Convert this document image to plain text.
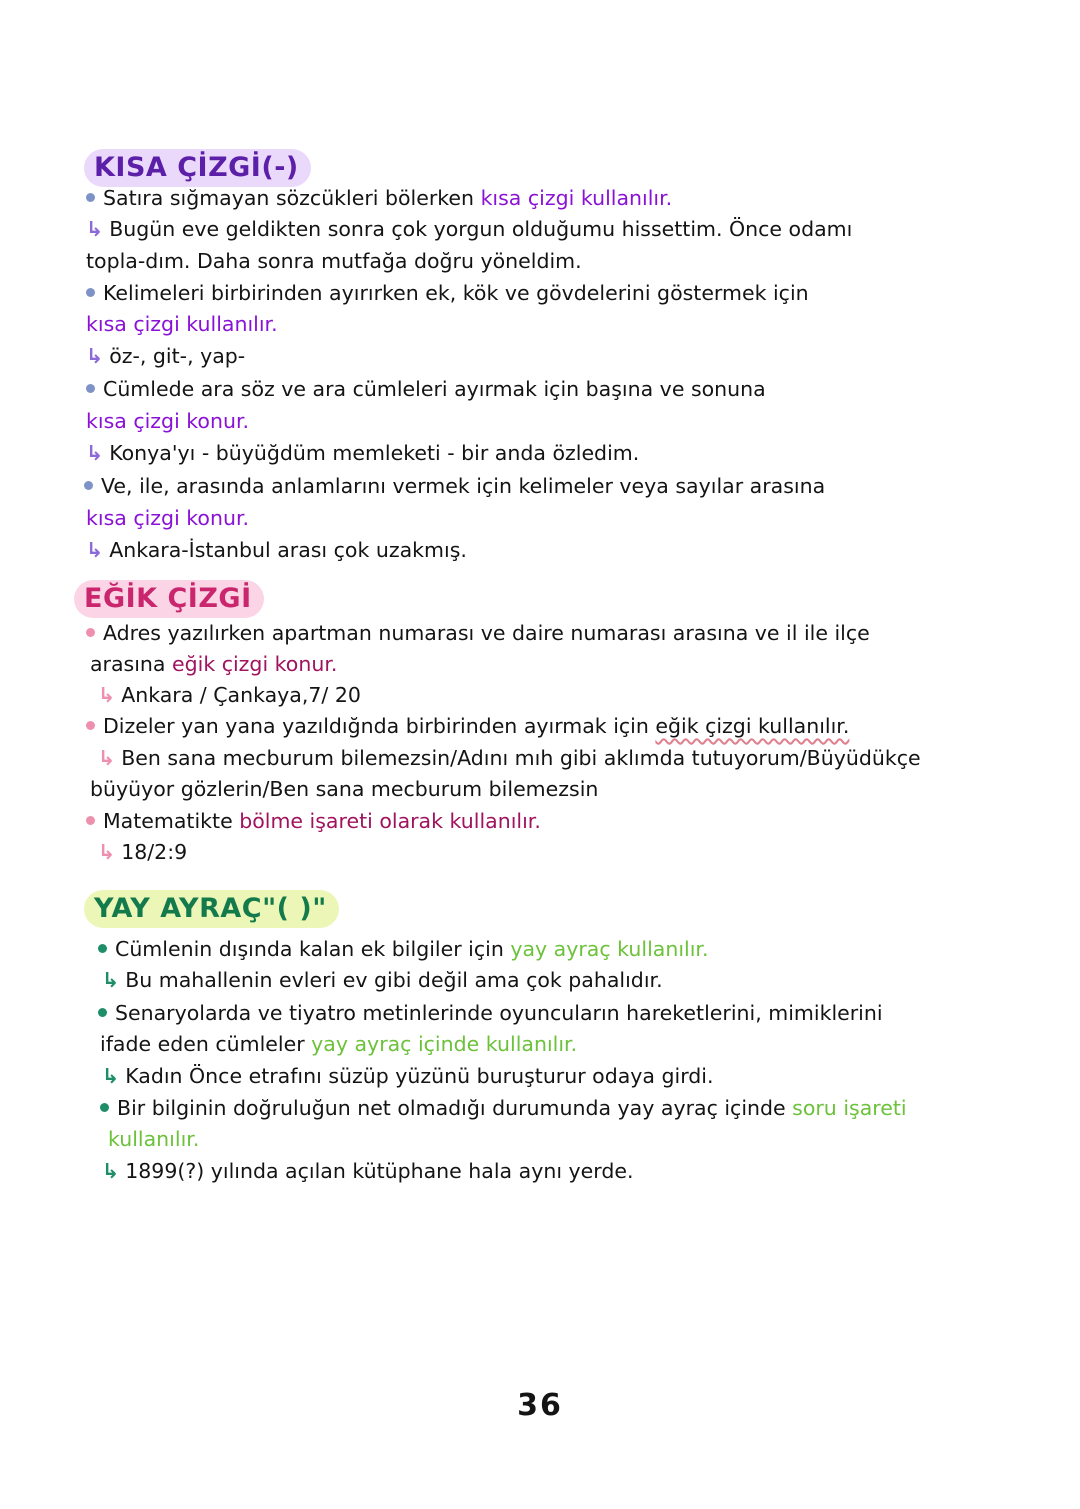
KISA ÇİZGİ(-)
Satıra sığmayan sözcükleri bölerken kısa çizgi kullanılır.
↳ Bugün eve geldikten sonra çok yorgun olduğumu hissettim. Önce odamı
topla-dım. Daha sonra mutfağa doğru yöneldim.
Kelimeleri birbirinden ayırırken ek, kök ve gövdelerini göstermek için
kısa çizgi kullanılır.
↳ öz-, git-, yap-
Cümlede ara söz ve ara cümleleri ayırmak için başına ve sonuna
kısa çizgi konur.
↳ Konya'yı - büyüğdüm memleketi - bir anda özledim.
Ve, ile, arasında anlamlarını vermek için kelimeler veya sayılar arasına
kısa çizgi konur.
↳ Ankara-İstanbul arası çok uzakmış.
EĞİK ÇİZGİ
Adres yazılırken apartman numarası ve daire numarası arasına ve il ile ilçe
arasına eğik çizgi konur.
↳ Ankara / Çankaya,7/ 20
Dizeler yan yana yazıldığnda birbirinden ayırmak için eğik çizgi kullanılır.
↳ Ben sana mecburum bilemezsin/Adını mıh gibi aklımda tutuyorum/Büyüdükçe
büyüyor gözlerin/Ben sana mecburum bilemezsin
Matematikte bölme işareti olarak kullanılır.
↳ 18/2:9
YAY AYRAÇ"( )"
Cümlenin dışında kalan ek bilgiler için yay ayraç kullanılır.
↳ Bu mahallenin evleri ev gibi değil ama çok pahalıdır.
Senaryolarda ve tiyatro metinlerinde oyuncuların hareketlerini, mimiklerini
ifade eden cümleler yay ayraç içinde kullanılır.
↳ Kadın Önce etrafını süzüp yüzünü buruşturur odaya girdi.
Bir bilginin doğruluğun net olmadığı durumunda yay ayraç içinde soru işareti
kullanılır.
↳ 1899(?) yılında açılan kütüphane hala aynı yerde.
36
